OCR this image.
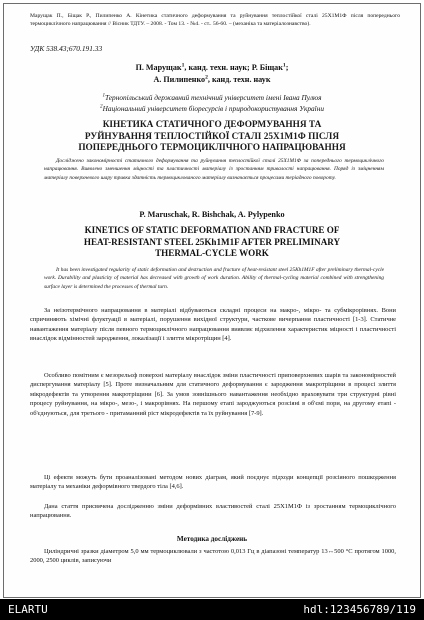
Марущак П., Біщак Р., Пилипенко А. Кінетика статичного деформування та руйнування теплостійкої сталі 25Х1М1Ф після попереднього термоциклічного напрацювання // Вісник ТДТУ. – 2008. - Том 13. - №4. - ст.. 56-60. – (механіка та матеріалознавство).
УДК 538.43;670.191.33
П. Марущак$^1$, канд. техн. наук; Р. Біщак$^1$;
А. Пилипенко$^2$, канд. техн. наук
$^1$Тернопільський державний технічний університет імені Івана Пулюя
$^2$Національний університет біоресурсів і природокористування України
КІНЕТИКА СТАТИЧНОГО ДЕФОРМУВАННЯ ТА
РУЙНУВАННЯ ТЕПЛОСТІЙКОЇ СТАЛІ 25Х1М1Ф ПІСЛЯ
ПОПЕРЕДНЬОГО ТЕРМОЦИКЛІЧНОГО НАПРАЦЮВАННЯ
Досліджено закономірності статичного деформування та руйнування теплостійкої сталі 25Х1М1Ф за попереднього термоциклічного напрацювання. Виявлено зменшення міцності та пластичності матеріалу із зростанням тривалості напрацювання. Поряд із зміцненням матеріалу поверхневого шару тривка здатність термоциклованого матеріалу визначається процесами теріадного повороту.
P. Maruschak, R. Bishchak, A. Pylypenko
KINETICS OF STATIC DEFORMATION AND FRACTURE OF
HEAT-RESISTANT STEEL 25Kh1M1F AFTER PRELIMINARY
THERMAL-CYCLE WORK
It has been investigated regularity of static deformation and destruction and fracture of heat-resistant steel 25Kh1M1F after preliminary thermal-cycle work. Durability and plasticity of material has decreased with growth of work duration. Ability of thermal-cycling material combined with strengthening surface layer is determined the processes of thermal turn.

За неізотермічного напрацювання в матеріалі відбуваються складні процеси на макро-, мікро- та субмікрорівнях. Вони спричиняють хімічні флуктуації в матеріалі, порушення вихідної структури, часткове вичерпання пластичності [1-3]. Статичне навантаження матеріалу після певного термоциклічного напрацювання виявляє відхилення характеристик міцності і пластичності внаслідок відмінностей зародження, локалізації і злиття мікротріщин [4].

Особливо помітним є мезорельєф поверхні матеріалу внаслідок зміни пластичності приповерхневих шарів та закономірностей диспергування матеріалу [5]. Проте визначальним для статичного деформування є зародження макротріщини в процесі злиття мікродефектів та утворення макротріщини [6]. За умов зовнішнього навантаження необхідно враховувати три структурні рівні процесу руйнування, на мікро-, мезо-, і макрорівнях. На першому етапі зароджуються розсіяні в об'ємі пори, на другому етапі - об'єднуються, для третього - притаманний ріст мікродефектів та їх руйнування [7-9].

Ці ефекти можуть бути проаналізовані методом нових діаграм, який поєднує підходи концепції розсіяного пошкодження матеріалу та механіки деформівного твердого тіла [4,6].

Дана стаття присвячена дослідженню зміни деформівних властивостей сталі 25Х1М1Ф із зростанням термоциклічного напрацювання.

Методика досліджень

Циліндричні зразки діаметром 5,0 мм термоциклювали з частотою 0,013 Гц в діапазоні температур 13↔500 °С протягом 1000, 2000, 2500 циклів, записуючи

ELARTU	hdl:123456789/119
